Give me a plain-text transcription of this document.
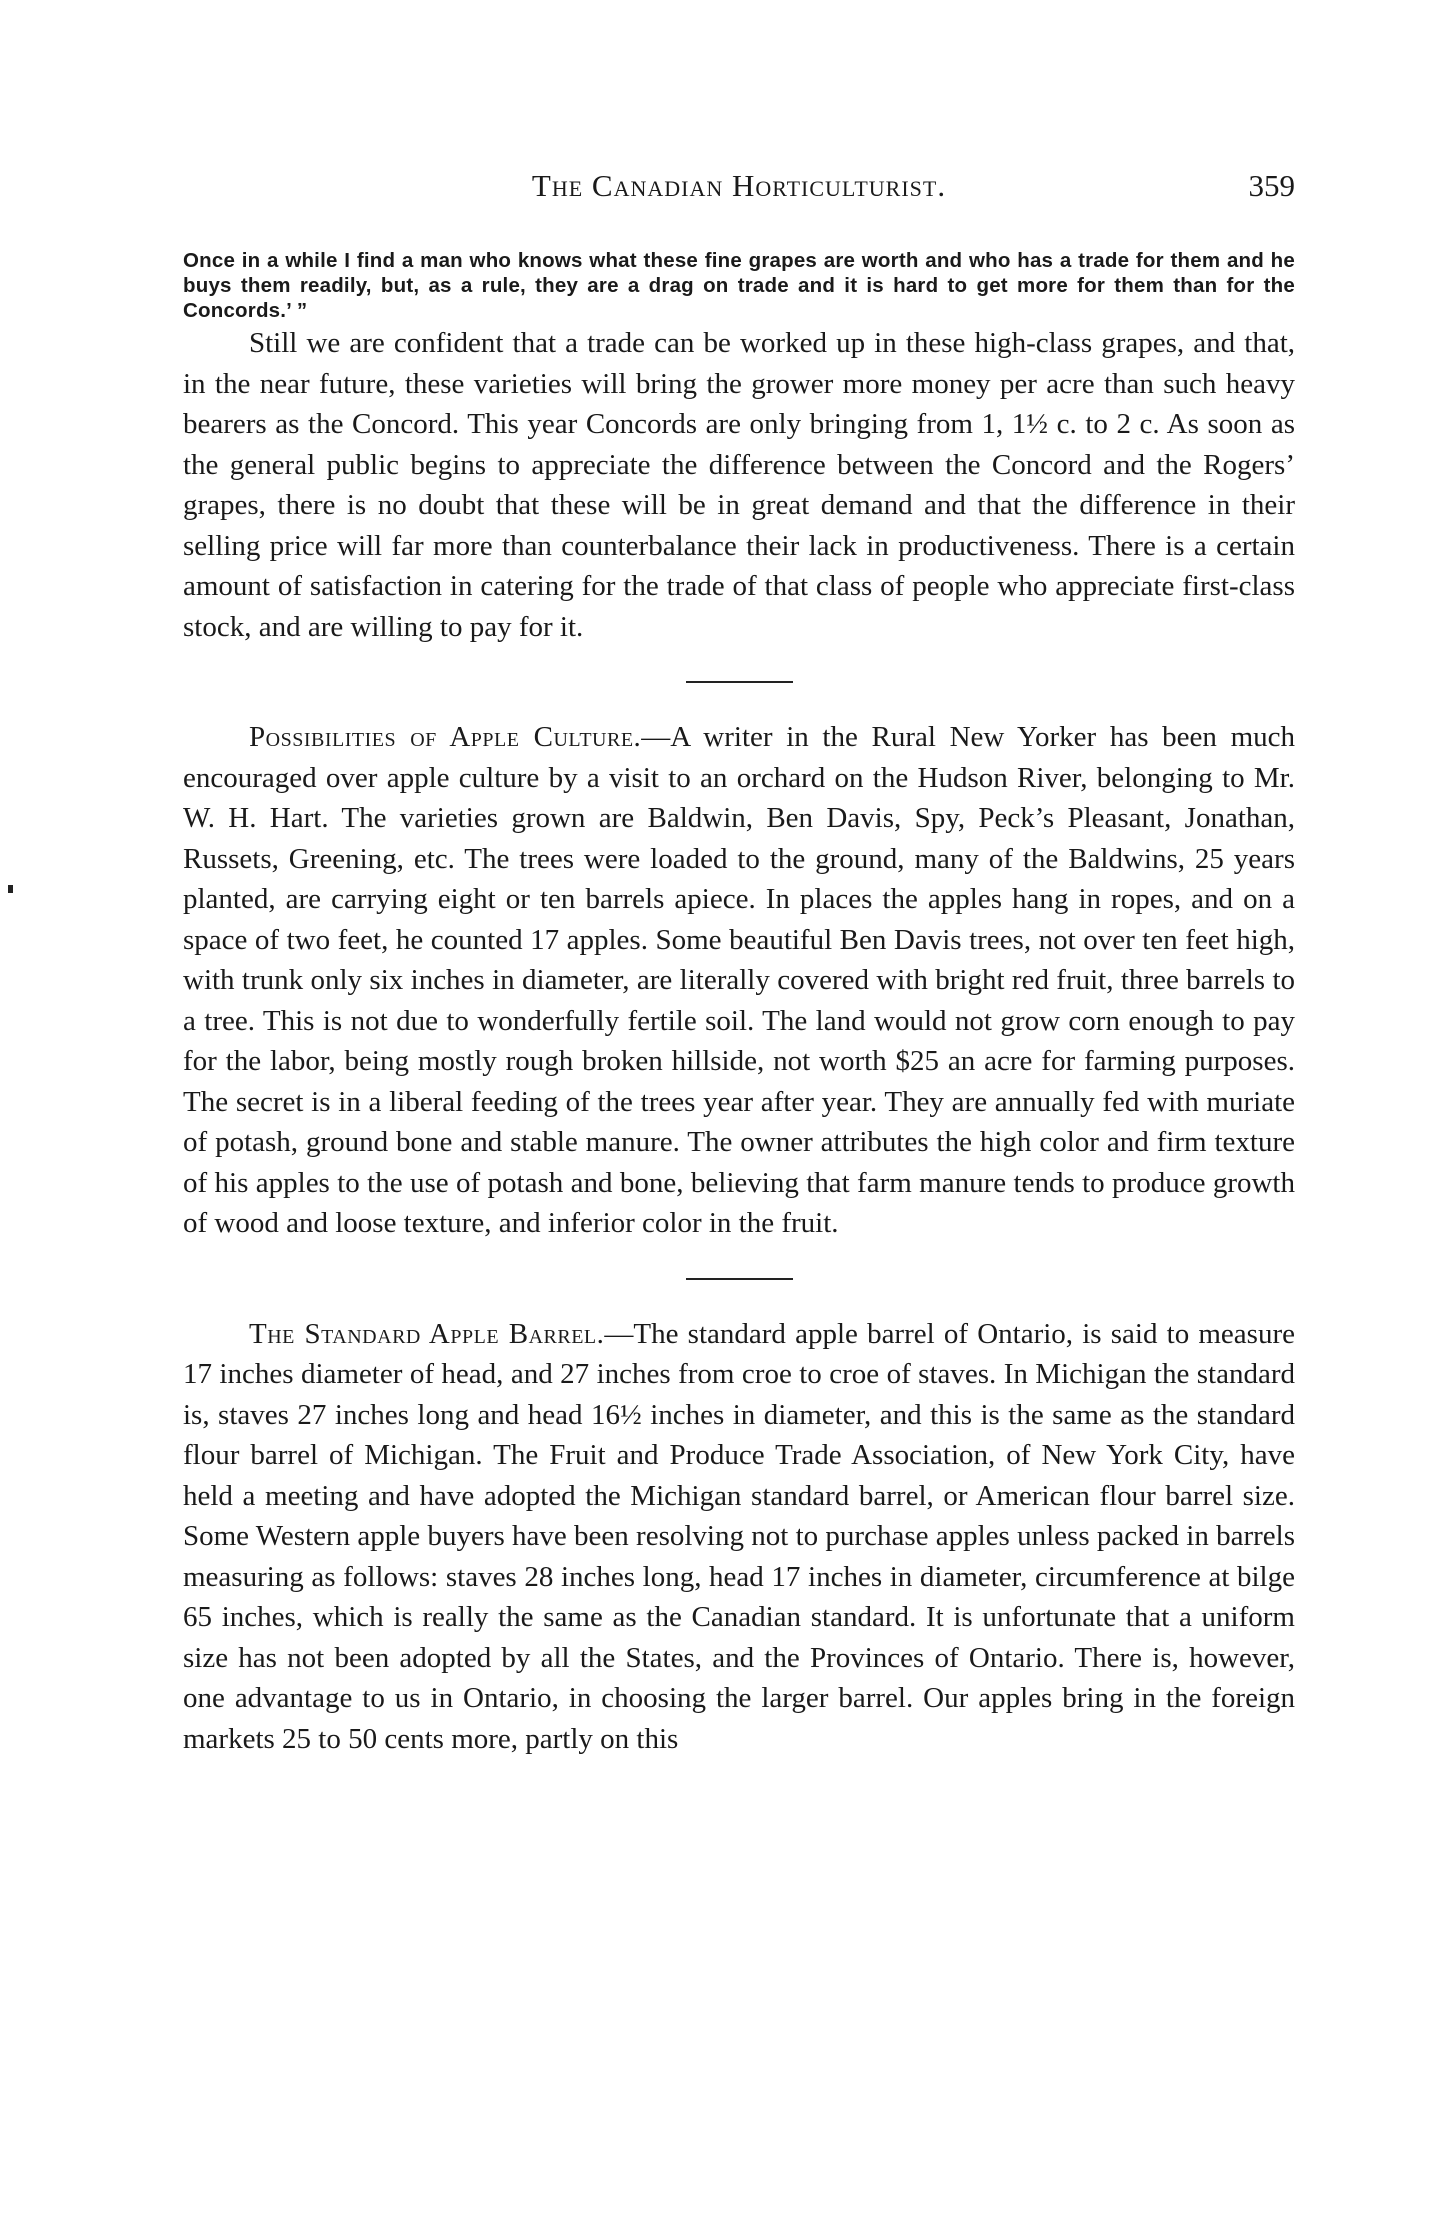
The Canadian Horticulturist.	359
Once in a while I find a man who knows what these fine grapes are worth and who has a trade for them and he buys them readily, but, as a rule, they are a drag on trade and it is hard to get more for them than for the Concords.’ ”

Still we are confident that a trade can be worked up in these high-class grapes, and that, in the near future, these varieties will bring the grower more money per acre than such heavy bearers as the Concord. This year Concords are only bringing from 1, 1½ c. to 2 c. As soon as the general public begins to appreciate the difference between the Concord and the Rogers’ grapes, there is no doubt that these will be in great demand and that the difference in their selling price will far more than counterbalance their lack in productiveness. There is a certain amount of satisfaction in catering for the trade of that class of people who appreciate first-class stock, and are willing to pay for it.

Possibilities of Apple Culture.—A writer in the Rural New Yorker has been much encouraged over apple culture by a visit to an orchard on the Hudson River, belonging to Mr. W. H. Hart. The varieties grown are Baldwin, Ben Davis, Spy, Peck’s Pleasant, Jonathan, Russets, Greening, etc. The trees were loaded to the ground, many of the Baldwins, 25 years planted, are carrying eight or ten barrels apiece. In places the apples hang in ropes, and on a space of two feet, he counted 17 apples. Some beautiful Ben Davis trees, not over ten feet high, with trunk only six inches in diameter, are literally covered with bright red fruit, three barrels to a tree. This is not due to wonderfully fertile soil. The land would not grow corn enough to pay for the labor, being mostly rough broken hillside, not worth $25 an acre for farming purposes. The secret is in a liberal feeding of the trees year after year. They are annually fed with muriate of potash, ground bone and stable manure. The owner attributes the high color and firm texture of his apples to the use of potash and bone, believing that farm manure tends to produce growth of wood and loose texture, and inferior color in the fruit.

The Standard Apple Barrel.—The standard apple barrel of Ontario, is said to measure 17 inches diameter of head, and 27 inches from croe to croe of staves. In Michigan the standard is, staves 27 inches long and head 16½ inches in diameter, and this is the same as the standard flour barrel of Michigan. The Fruit and Produce Trade Association, of New York City, have held a meeting and have adopted the Michigan standard barrel, or American flour barrel size. Some Western apple buyers have been resolving not to purchase apples unless packed in barrels measuring as follows: staves 28 inches long, head 17 inches in diameter, circumference at bilge 65 inches, which is really the same as the Canadian standard. It is unfortunate that a uniform size has not been adopted by all the States, and the Provinces of Ontario. There is, however, one advantage to us in Ontario, in choosing the larger barrel. Our apples bring in the foreign markets 25 to 50 cents more, partly on this
